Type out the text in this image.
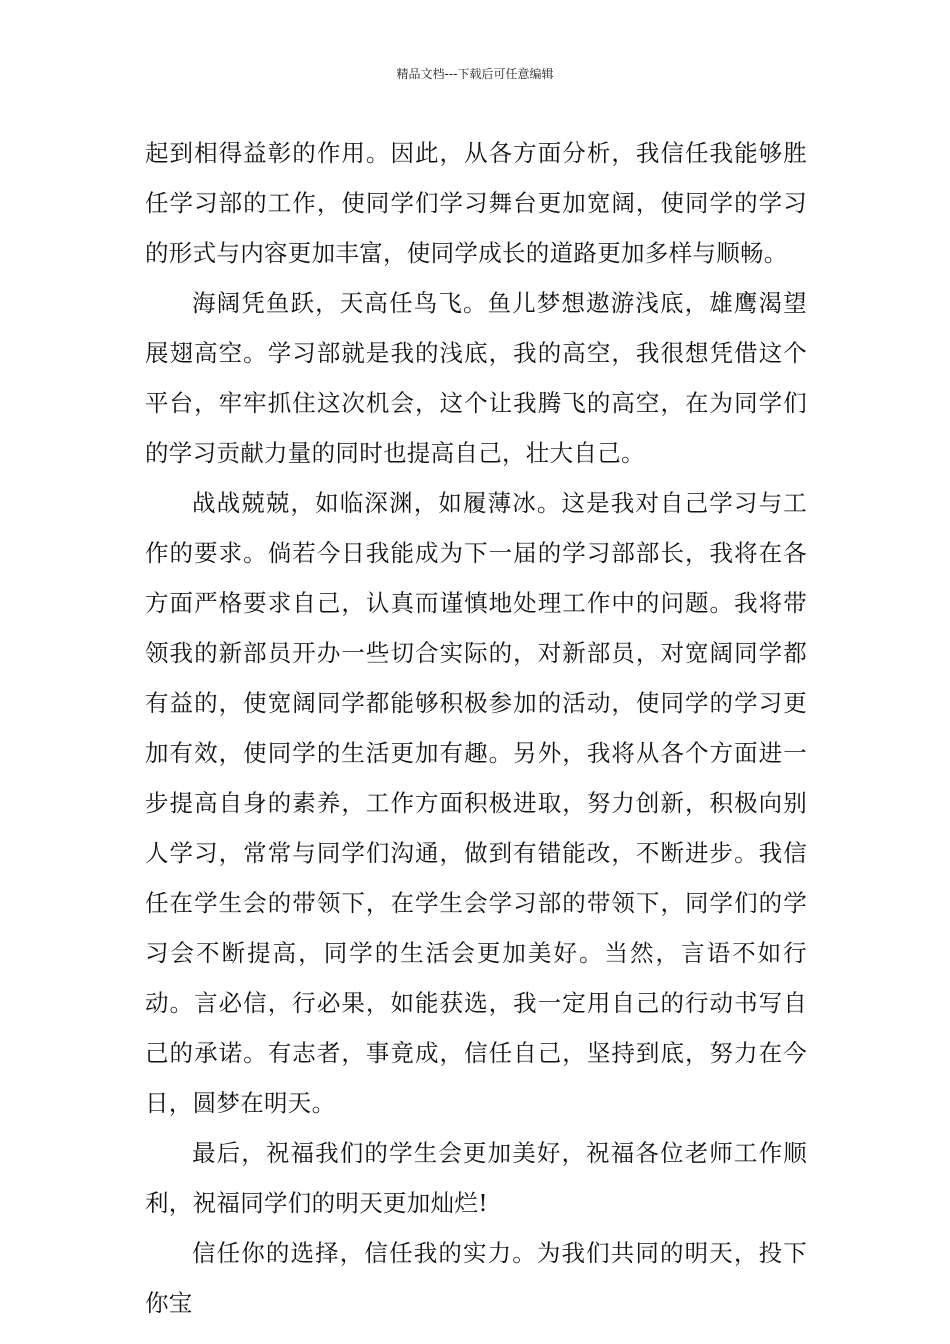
精品文档---下载后可任意编辑

起到相得益彰的作用。因此，从各方面分析，我信任我能够胜任学习部的工作，使同学们学习舞台更加宽阔，使同学的学习的形式与内容更加丰富，使同学成长的道路更加多样与顺畅。

海阔凭鱼跃，天高任鸟飞。鱼儿梦想遨游浅底，雄鹰渴望展翅高空。学习部就是我的浅底，我的高空，我很想凭借这个平台，牢牢抓住这次机会，这个让我腾飞的高空，在为同学们的学习贡献力量的同时也提高自己，壮大自己。

战战兢兢，如临深渊，如履薄冰。这是我对自己学习与工作的要求。倘若今日我能成为下一届的学习部部长，我将在各方面严格要求自己，认真而谨慎地处理工作中的问题。我将带领我的新部员开办一些切合实际的，对新部员，对宽阔同学都有益的，使宽阔同学都能够积极参加的活动，使同学的学习更加有效，使同学的生活更加有趣。另外，我将从各个方面进一步提高自身的素养，工作方面积极进取，努力创新，积极向别人学习，常常与同学们沟通，做到有错能改，不断进步。我信任在学生会的带领下，在学生会学习部的带领下，同学们的学习会不断提高，同学的生活会更加美好。当然，言语不如行动。言必信，行必果，如能获选，我一定用自己的行动书写自己的承诺。有志者，事竟成，信任自己，坚持到底，努力在今日，圆梦在明天。

最后，祝福我们的学生会更加美好，祝福各位老师工作顺利，祝福同学们的明天更加灿烂!

信任你的选择，信任我的实力。为我们共同的明天，投下你宝
